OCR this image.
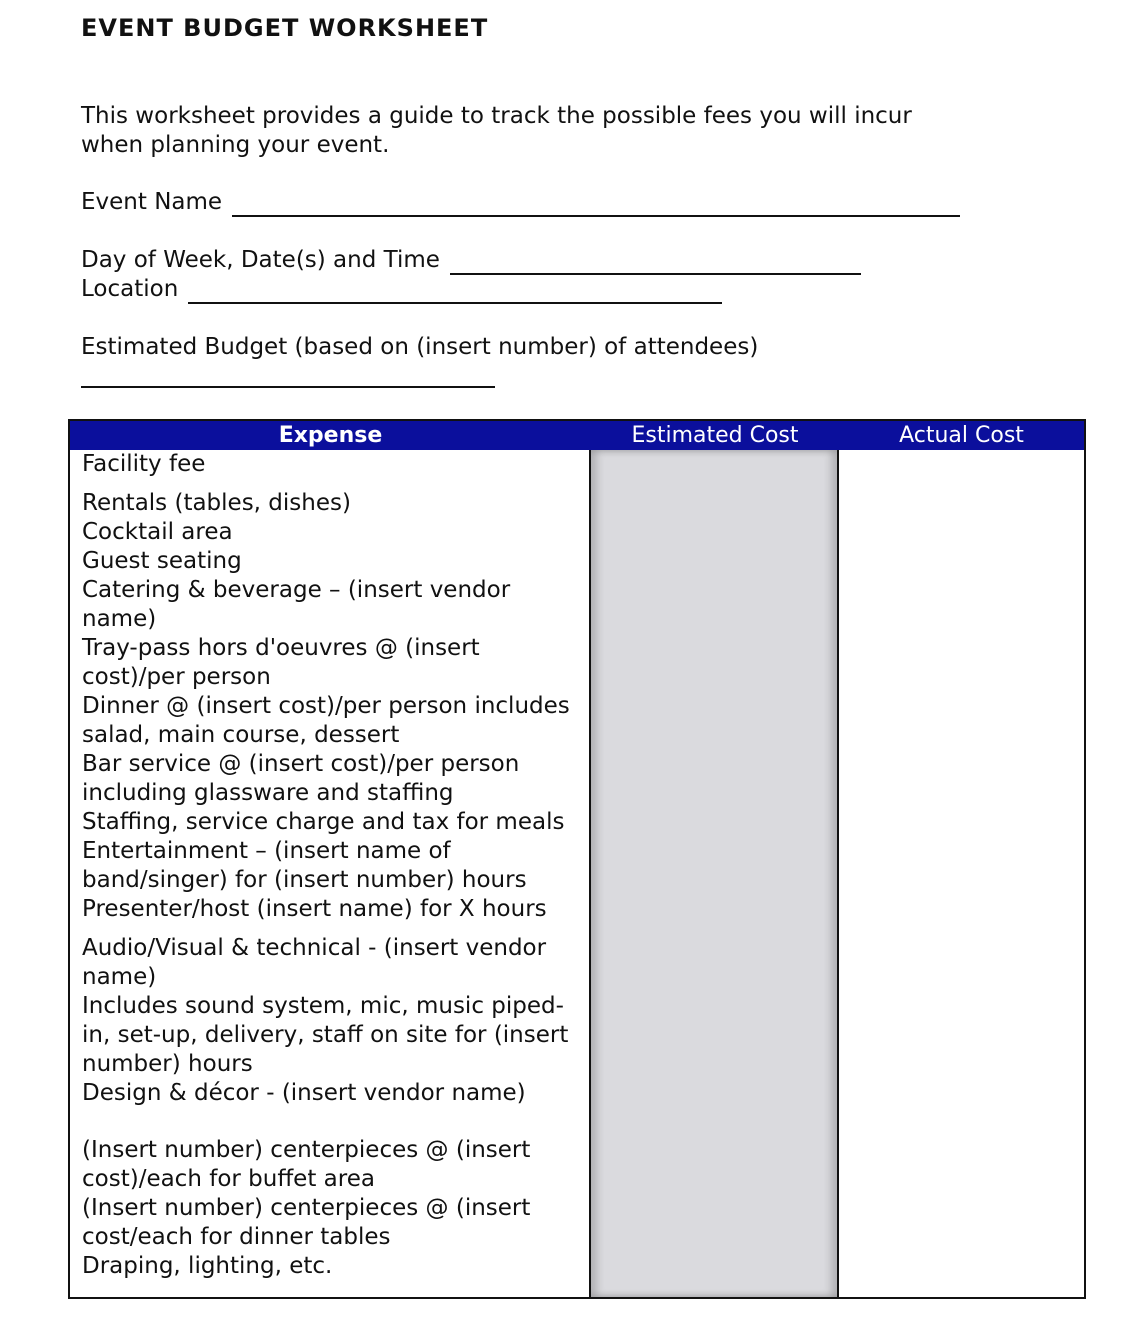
EVENT BUDGET WORKSHEET
This worksheet provides a guide to track the possible fees you will incur when planning your event.
Event Name
Day of Week, Date(s) and Time
Location
Estimated Budget (based on (insert number) of attendees)
Expense	Estimated Cost	Actual Cost
Facility fee
Rentals (tables, dishes)
Cocktail area
Guest seating
Catering & beverage – (insert vendor name)
Tray-pass hors d'oeuvres @ (insert cost)/per person
Dinner @ (insert cost)/per person includes salad, main course, dessert
Bar service @ (insert cost)/per person including glassware and staffing
Staffing, service charge and tax for meals
Entertainment – (insert name of band/singer) for (insert number) hours
Presenter/host (insert name) for X hours
Audio/Visual & technical - (insert vendor name)
Includes sound system, mic, music piped-in, set-up, delivery, staff on site for (insert number) hours
Design & décor - (insert vendor name)
(Insert number) centerpieces @ (insert cost)/each for buffet area
(Insert number) centerpieces @ (insert cost/each for dinner tables
Draping, lighting, etc.
